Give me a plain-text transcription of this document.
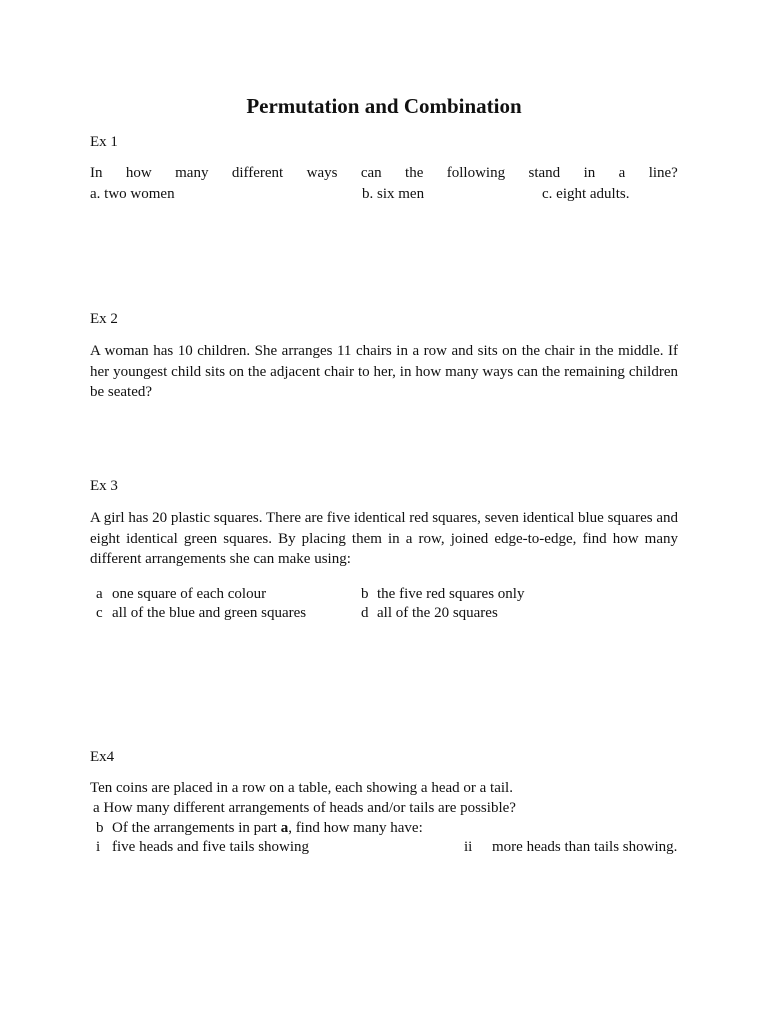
Permutation and Combination
Ex 1
In how many different ways can the following stand in a line?
a. two women	b. six men	c. eight adults.
Ex 2
A woman has 10 children. She arranges 11 chairs in a row and sits on the chair in the middle. If her youngest child sits on the adjacent chair to her, in how many ways can the remaining children be seated?
Ex 3
A girl has 20 plastic squares. There are five identical red squares, seven identical blue squares and eight identical green squares. By placing them in a row, joined edge-to-edge, find how many different arrangements she can make using:
a one square of each colour	b the five red squares only
c all of the blue and green squares	d all of the 20 squares
Ex4
Ten coins are placed in a row on a table, each showing a head or a tail.
a How many different arrangements of heads and/or tails are possible?
b Of the arrangements in part a, find how many have:
i five heads and five tails showing	ii more heads than tails showing.
